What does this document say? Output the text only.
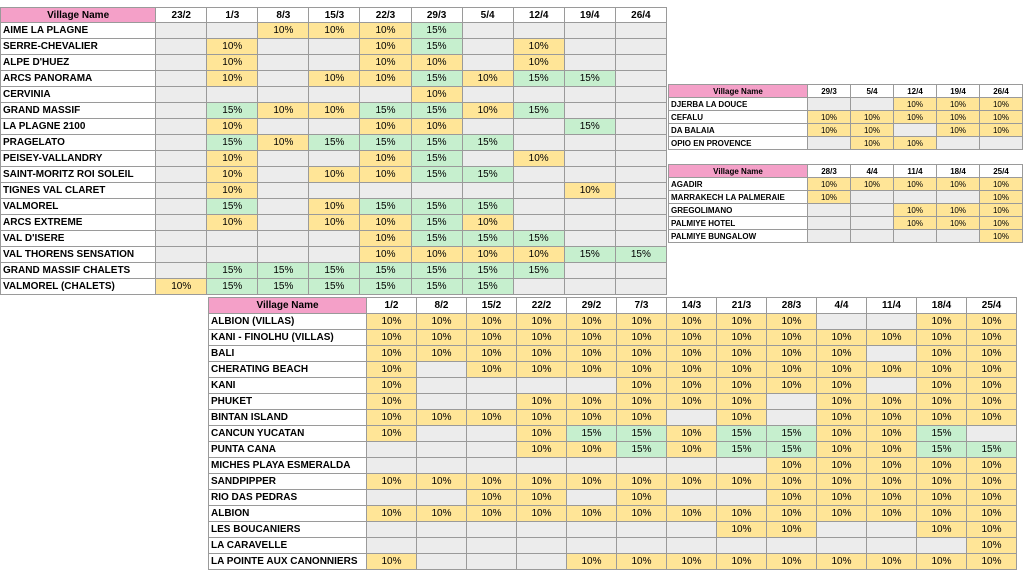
Village Name	23/2	1/3	8/3	15/3	22/3	29/3	5/4	12/4	19/4	26/4
AIME LA PLAGNE			10%	10%	10%	15%				
SERRE-CHEVALIER		10%			10%	15%		10%		
ALPE D'HUEZ		10%			10%	10%		10%		
ARCS PANORAMA		10%		10%	10%	15%	10%	15%	15%	
CERVINIA						10%				
GRAND MASSIF		15%	10%	10%	15%	15%	10%	15%		
LA PLAGNE 2100		10%			10%	10%			15%	
PRAGELATO		15%	10%	15%	15%	15%	15%			
PEISEY-VALLANDRY		10%			10%	15%		10%		
SAINT-MORITZ ROI SOLEIL		10%		10%	10%	15%	15%			
TIGNES VAL CLARET		10%							10%	
VALMOREL		15%		10%	15%	15%	15%			
ARCS EXTREME		10%		10%	10%	15%	10%			
VAL D'ISERE					10%	15%	15%	15%		
VAL THORENS SENSATION					10%	10%	10%	10%	15%	15%
GRAND MASSIF CHALETS		15%	15%	15%	15%	15%	15%	15%		
VALMOREL (CHALETS)	10%	15%	15%	15%	15%	15%	15%			
Village Name	29/3	5/4	12/4	19/4	26/4
DJERBA LA DOUCE			10%	10%	10%
CEFALU	10%	10%	10%	10%	10%
DA BALAIA	10%	10%		10%	10%
OPIO EN PROVENCE		10%	10%		
Village Name	28/3	4/4	11/4	18/4	25/4
AGADIR	10%	10%	10%	10%	10%
MARRAKECH LA PALMERAIE	10%				10%
GREGOLIMANO			10%	10%	10%
PALMIYE HOTEL			10%	10%	10%
PALMIYE BUNGALOW					10%
Village Name	1/2	8/2	15/2	22/2	29/2	7/3	14/3	21/3	28/3	4/4	11/4	18/4	25/4
ALBION (VILLAS)	10%	10%	10%	10%	10%	10%	10%	10%	10%			10%	10%
KANI - FINOLHU (VILLAS)	10%	10%	10%	10%	10%	10%	10%	10%	10%	10%	10%	10%	10%
BALI	10%	10%	10%	10%	10%	10%	10%	10%	10%	10%		10%	10%
CHERATING BEACH	10%		10%	10%	10%	10%	10%	10%	10%	10%	10%	10%	10%
KANI	10%					10%	10%	10%	10%	10%		10%	10%
PHUKET	10%			10%	10%	10%	10%	10%		10%	10%	10%	10%
BINTAN ISLAND	10%	10%	10%	10%	10%	10%		10%		10%	10%	10%	10%
CANCUN YUCATAN	10%			10%	15%	15%	10%	15%	15%	10%	10%	15%	
PUNTA CANA				10%	10%	15%	10%	15%	15%	10%	10%	15%	15%
MICHES PLAYA ESMERALDA									10%	10%	10%	10%	10%
SANDPIPPER	10%	10%	10%	10%	10%	10%	10%	10%	10%	10%	10%	10%	10%
RIO DAS PEDRAS			10%	10%		10%			10%	10%	10%	10%	10%
ALBION	10%	10%	10%	10%	10%	10%	10%	10%	10%	10%	10%	10%	10%
LES BOUCANIERS								10%	10%			10%	10%
LA CARAVELLE													10%
LA POINTE AUX CANONNIERS	10%				10%	10%	10%	10%	10%	10%	10%	10%	10%
